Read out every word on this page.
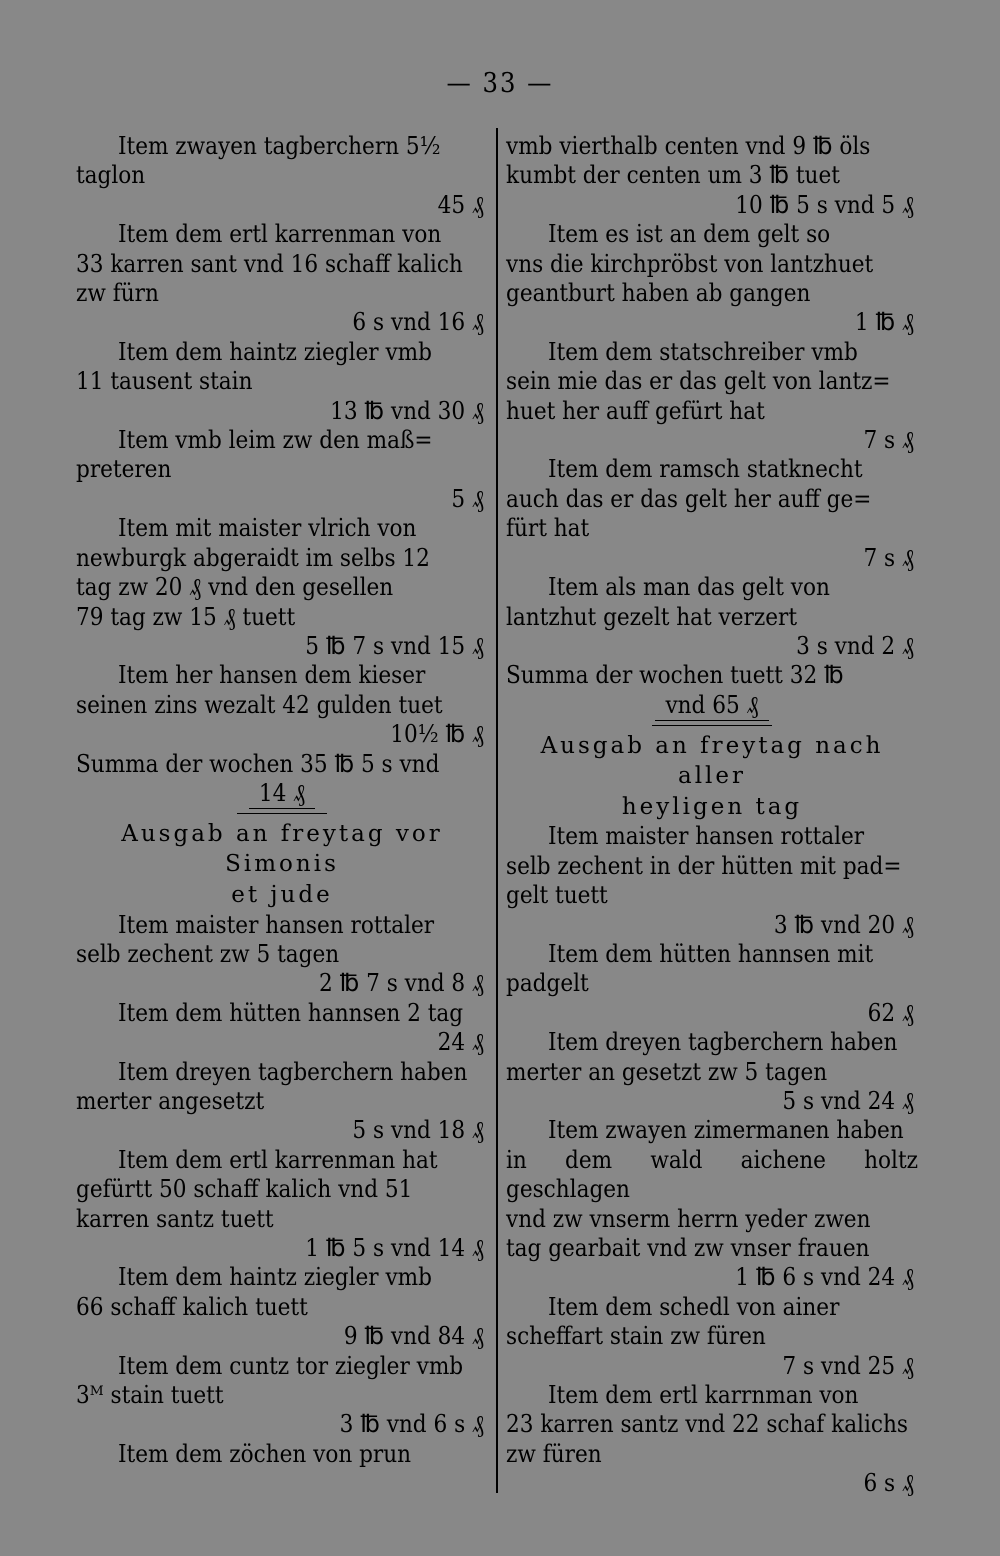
— 33 —

Item zwayen tagberchern 5½

taglon

45 ₰

Item dem ertl karrenman von

33 karren sant vnd 16 schaff kalich

zw fürn

6 s vnd 16 ₰

Item dem haintz ziegler vmb

11 tausent stain

13 ℔ vnd 30 ₰

Item vmb leim zw den maß=

preteren

5 ₰

Item mit maister vlrich von

newburgk abgeraidt im selbs 12

tag zw 20 ₰ vnd den gesellen

79 tag zw 15 ₰ tuett

5 ℔ 7 s vnd 15 ₰

Item her hansen dem kieser

seinen zins wezalt 42 gulden tuet

10½ ℔ ₰

Summa der wochen 35 ℔ 5 s vnd

14 ₰

Ausgab an freytag vor Simonis

et jude

Item maister hansen rottaler

selb zechent zw 5 tagen

2 ℔ 7 s vnd 8 ₰

Item dem hütten hannsen 2 tag

24 ₰

Item dreyen tagberchern haben

merter angesetzt

5 s vnd 18 ₰

Item dem ertl karrenman hat

gefürtt 50 schaff kalich vnd 51

karren santz tuett

1 ℔ 5 s vnd 14 ₰

Item dem haintz ziegler vmb

66 schaff kalich tuett

9 ℔ vnd 84 ₰

Item dem cuntz tor ziegler vmb

3ᴹ stain tuett

3 ℔ vnd 6 s ₰

Item dem zöchen von prun

vmb vierthalb centen vnd 9 ℔ öls

kumbt der centen um 3 ℔ tuet

10 ℔ 5 s vnd 5 ₰

Item es ist an dem gelt so

vns die kirchpröbst von lantzhuet

geantburt haben ab gangen

1 ℔ ₰

Item dem statschreiber vmb

sein mie das er das gelt von lantz=

huet her auff gefürt hat

7 s ₰

Item dem ramsch statknecht

auch das er das gelt her auff ge=

fürt hat

7 s ₰

Item als man das gelt von

lantzhut gezelt hat verzert

3 s vnd 2 ₰

Summa der wochen tuett 32 ℔

vnd 65 ₰

Ausgab an freytag nach aller

heyligen tag

Item maister hansen rottaler

selb zechent in der hütten mit pad=

gelt tuett

3 ℔ vnd 20 ₰

Item dem hütten hannsen mit

padgelt

62 ₰

Item dreyen tagberchern haben

merter an gesetzt zw 5 tagen

5 s vnd 24 ₰

Item zwayen zimermanen haben

in dem wald aichene holtz geschlagen

vnd zw vnserm herrn yeder zwen

tag gearbait vnd zw vnser frauen

1 ℔ 6 s vnd 24 ₰

Item dem schedl von ainer

scheffart stain zw füren

7 s vnd 25 ₰

Item dem ertl karrnman von

23 karren santz vnd 22 schaf kalichs

zw füren

6 s ₰
